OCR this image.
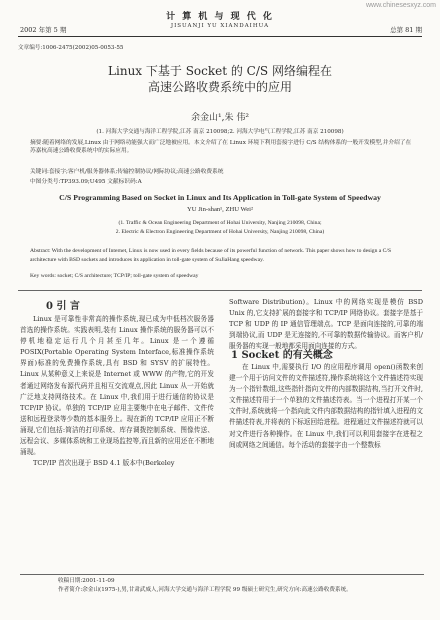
www.chinesesxyz.com
2002 年第 5 期
计 算 机 与 现 代 化
JISUANJI YU XIANDAIHUA	总第 81 期
文章编号:1006-2475(2002)05-0053-55
Linux 下基于 Socket 的 C/S 网络编程在
高速公路收费系统中的应用
余金山¹,朱 伟²
(1. 河海大学交通与海洋工程学院,江苏 南京 210098;2. 河海大学电气工程学院,江苏 南京 210098)
摘要:随着网络的发展,Linux 由于网络功能强大而广泛地被应用。本文介绍了在 Linux 环境下利用套接字进行 C/S 结构体系的一般开发模型,并介绍了在苏嘉杭高速公路收费系统中的实际应用。
关键词:套接字;客户机/服务器体系;传输控制协议/网际协议;高速公路收费系统
中图分类号:TP393.09;U495 文献标识码:A
C/S Programming Based on Socket in Linux and Its Application in Toll-gate System of Speedway
YU Jin-shan¹, ZHU Wei²
(1. Traffic & Ocean Engineering Department of Hohai University, Nanjing 210098, China;
2. Electric & Electron Engineering Department of Hohai University, Nanjing 210098, China)
Abstract: With the development of Internet, Linux is now used in every fields because of its powerful function of network. This paper shows how to design a C/S architecture with BSD sockets and introduces its application in toll-gate system of SuJiaHang speedway.
Key words: socket; C/S architecture; TCP/IP; toll-gate system of speedway
0 引 言
Linux 是可靠性非常高的操作系统,现已成为中低档次服务器首选的操作系统。实践表明,装有 Linux 操作系统的服务器可以不停机地稳定运行几个月甚至几年。Linux 是一个遵循 POSIX(Portable Operating System Interface,标准操作系统界面)标准的免费操作系统,具有 BSD 和 SYSV 的扩展特性。Linux 从某种意义上来说是 Internet 或 WWW 的产物,它的开发者通过网络发布源代码并且相互交流观点,因此 Linux 从一开始就广泛地支持网络技术。在 Linux 中,我们用于进行通信的协议是 TCP/IP 协议。单独的 TCP/IP 应用主要集中在电子邮件、文件传送和远程登录等少数的基本服务上。现在新的 TCP/IP 应用正不断涌现,它们包括:简洁的打印系统、库存调拨控制系统、图像传送、远程会议、多媒体系统和工业现场监控等,而且新的应用还在不断地涌现。
TCP/IP 首次出现于 BSD 4.1 版本中(Berkeley
Software Distribution)。Linux 中的网络实现是模仿 BSD Unix 的,它支持扩展的套接字和 TCP/IP 网络协议。套接字是基于 TCP 和 UDP 的 IP 通信管理端点。TCP 是面向连接的,可靠的端到端协议,而 UDP 是无连接的,不可靠的数据传输协议。而客户机/服务器的实现一般地都采用面向连接的方式。
1 Socket 的有关概念
在 Linux 中,需要执行 I/O 的应用程序调用 open()函数来创建一个用于访问文件的文件描述符,操作系统将这个文件描述符实现为一个指针数组,这些指针指向文件的内部数据结构,当打开文件时,文件描述符用于一个单独的文件描述符表。当一个进程打开某一个文件时,系统就将一个指向此文件内部数据结构的指针填入进程的文件描述符表,并将表的下标返回给进程。进程通过文件描述符就可以对文件进行各种操作。在 Linux 中,我们可以利用套接字在进程之间或网络之间通信。每个活动的套接字由一个整数标
收稿日期:2001-11-09
作者简介:余金山(1975-),男,甘肃武威人,河海大学交通与海洋工程学院 99 级硕士研究生,研究方向:高速公路收费系统。
